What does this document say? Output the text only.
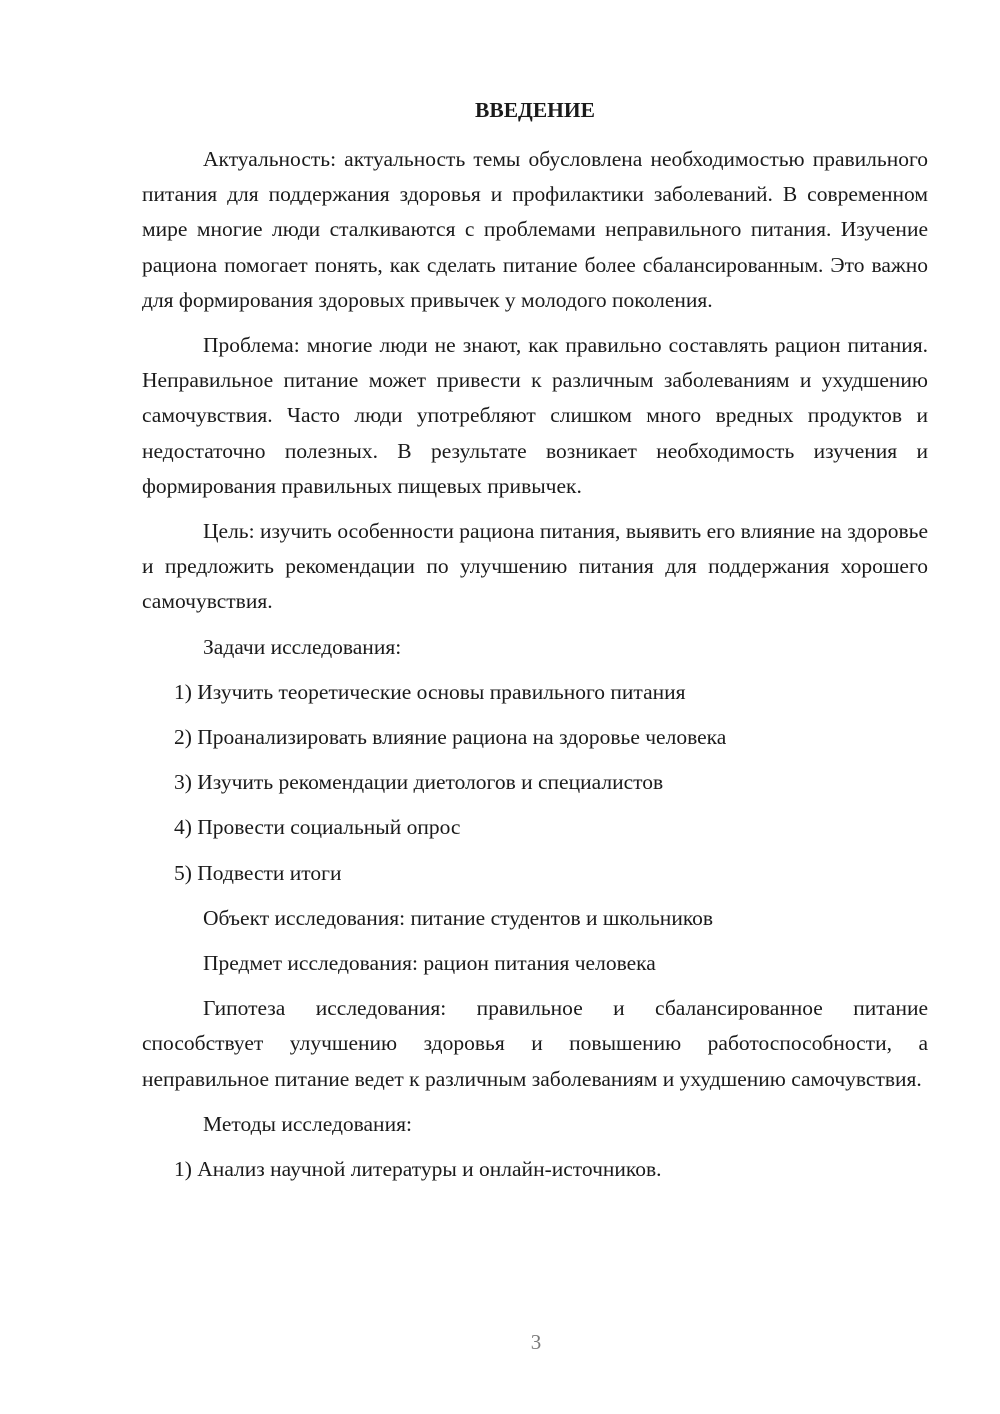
ВВЕДЕНИЕ

Актуальность: актуальность темы обусловлена необходимостью правильного питания для поддержания здоровья и профилактики заболеваний. В современном мире многие люди сталкиваются с проблемами неправильного питания. Изучение рациона помогает понять, как сделать питание более сбалансированным. Это важно для формирования здоровых привычек у молодого поколения.

Проблема: многие люди не знают, как правильно составлять рацион питания. Неправильное питание может привести к различным заболеваниям и ухудшению самочувствия. Часто люди употребляют слишком много вредных продуктов и недостаточно полезных. В результате возникает необходимость изучения и формирования правильных пищевых привычек.

Цель: изучить особенности рациона питания, выявить его влияние на здоровье и предложить рекомендации по улучшению питания для поддержания хорошего самочувствия.

Задачи исследования:

1) Изучить теоретические основы правильного питания

2) Проанализировать влияние рациона на здоровье человека

3) Изучить рекомендации диетологов и специалистов

4) Провести социальный опрос

5) Подвести итоги

Объект исследования: питание студентов и школьников

Предмет исследования: рацион питания человека

Гипотеза исследования: правильное и сбалансированное питание способствует улучшению здоровья и повышению работоспособности, а неправильное питание ведет к различным заболеваниям и ухудшению самочувствия.

Методы исследования:

1) Анализ научной литературы и онлайн-источников.

3
